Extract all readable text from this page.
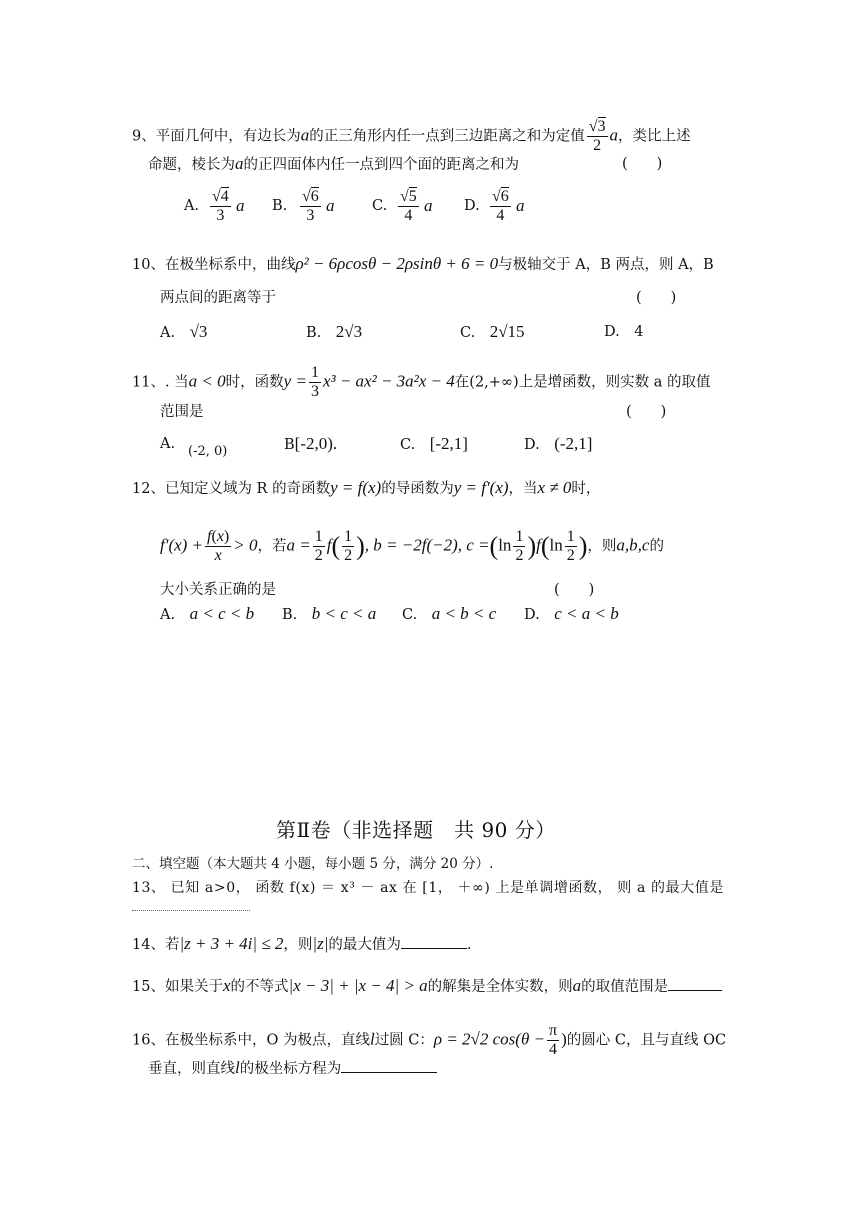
9、平面几何中，有边长为a的正三角形内任一点到三边距离之和为定值 $\frac{√3}{2}$ a，类比上述
命题，棱长为a的正四面体内任一点到四个面的距离之和为	(　　)
A. $\frac{√4}{3}$ a B. $\frac{√6}{3}$ a	C. $\frac{√5}{4}$ a D. $\frac{√6}{4}$ a
10、在极坐标系中，曲线ρ² − 6ρcosθ − 2ρsinθ + 6 = 0与极轴交于 A，B 两点，则 A，B
两点间的距离等于	(　　)
A.　 √3	B.　 2√3	C.　 2√15	D.　 4
11、. 当a < 0时，函数$y = \frac{1}{3} x^3 - ax^2 - 3a^2x - 4$在(2,+∞)上是增函数，则实数 a 的取值
范围是	(　　)
A. (-2, 0)	B[-2,0).	C.　 [-2,1]	D.　 (-2,1]
12、已知定义域为 R 的奇函数y = f(x)的导函数为y = f′(x)，当x ≠ 0时，
$f'(x) + \frac{f(x)}{x} > 0$，若$a = \frac{1}{2} f( \frac{1}{2}$ ), b = −2f(−2), $c =(\ln \frac{1}{2} )f(\ln \frac{1}{2}$ )，则a,b,c的
大小关系正确的是	(　　)
A.　 a < c < b B.　 b < c < a C.　 a < b < c D.　 c < a < b
第Ⅱ卷（非选择题　共 90 分）
二、填空题（本大题共 4 小题，每小题 5 分，满分 20 分）.
13、 已知 a>0， 函数 f(x) ＝ x³ － ax 在 [1， ＋∞) 上是单调增函数， 则 a 的最大值是
14、若|z + 3 + 4i| ≤ 2，则|z|的最大值为	.
15、如果关于x的不等式|x − 3| + |x − 4| > a的解集是全体实数，则a的取值范围是
16、在极坐标系中，O 为极点，直线l过圆 C：ρ = 2√2 $\cos(\theta - \frac{\pi}{4}$ )的圆心 C，且与直线 OC
垂直，则直线l的极坐标方程为
